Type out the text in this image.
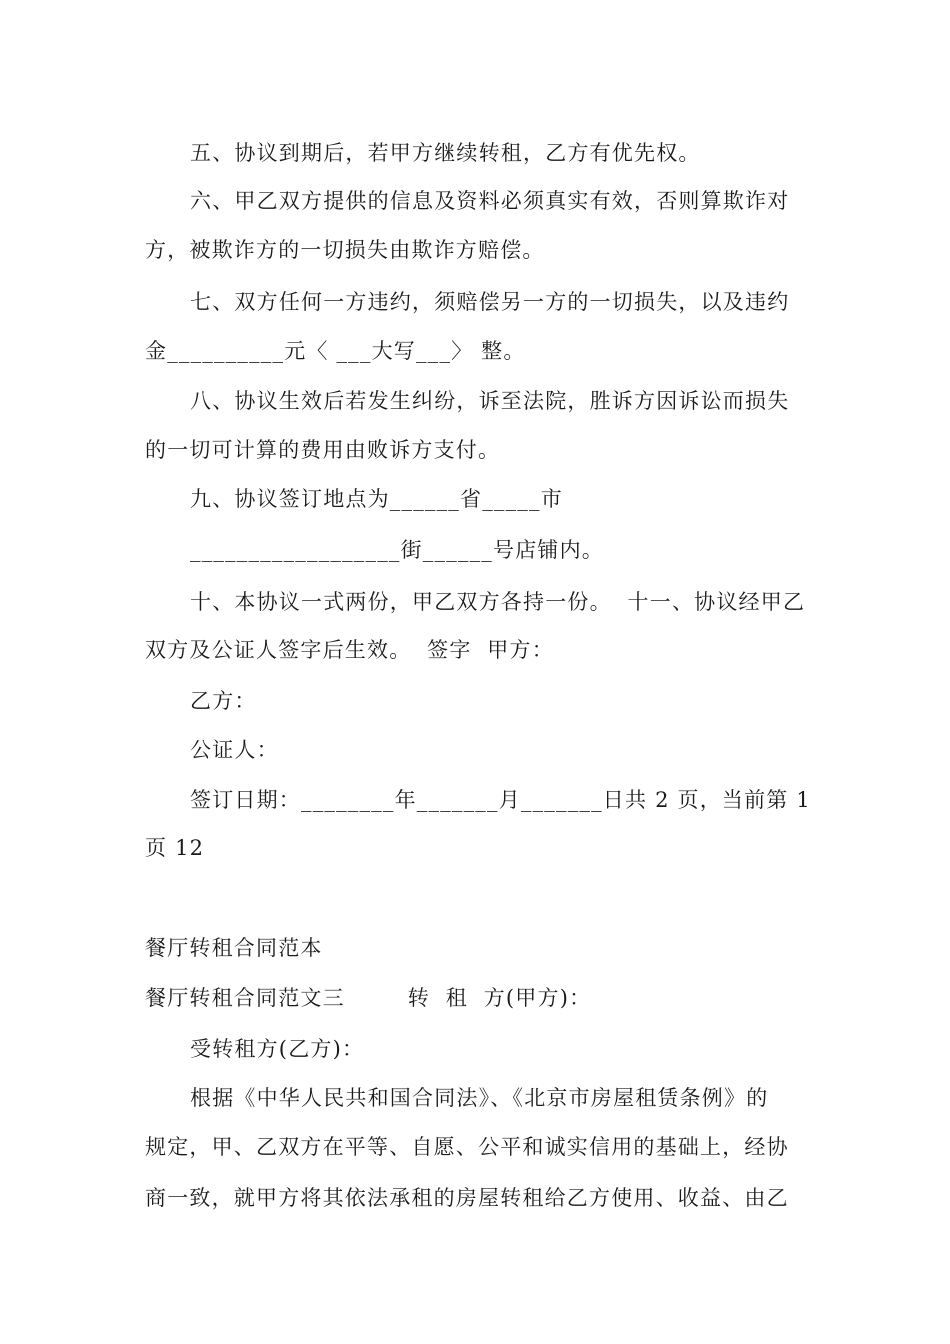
五、协议到期后，若甲方继续转租，乙方有优先权。
六、甲乙双方提供的信息及资料必须真实有效，否则算欺诈对
方，被欺诈方的一切损失由欺诈方赔偿。
七、双方任何一方违约，须赔偿另一方的一切损失，以及违约
金__________元〈 ___大写___〉 整。
八、协议生效后若发生纠纷，诉至法院，胜诉方因诉讼而损失
的一切可计算的费用由败诉方支付。
九、协议签订地点为______省_____市
__________________街______号店铺内。
十、本协议一式两份，甲乙双方各持一份。  十一、协议经甲乙
双方及公证人签字后生效。  签字  甲方：
乙方：
公证人：
签订日期：________年_______月_______日共 2 页，当前第 1
页 12
餐厅转租合同范本
餐厅转租合同范文三        转  租  方(甲方)：
受转租方(乙方)：
根据《中华人民共和国合同法》、《北京市房屋租赁条例》的
规定，甲、乙双方在平等、自愿、公平和诚实信用的基础上，经协
商一致，就甲方将其依法承租的房屋转租给乙方使用、收益、由乙
